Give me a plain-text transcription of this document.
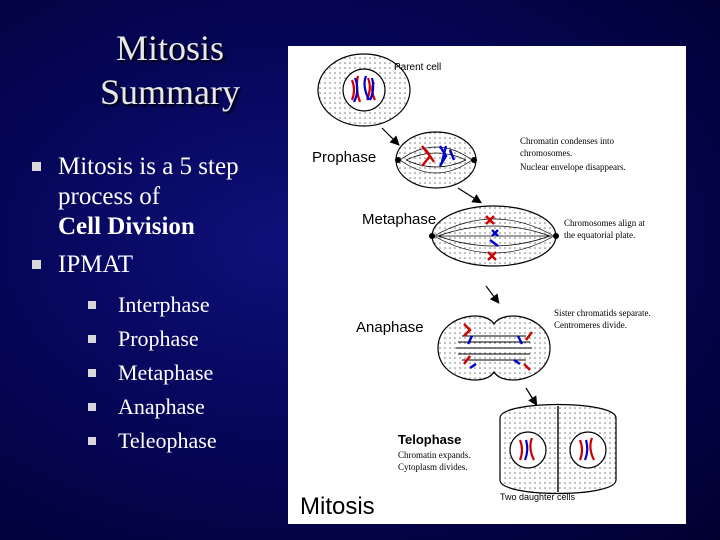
Mitosis
Summary
Mitosis is a 5 step
process of
Cell Division
IPMAT
Interphase
Prophase
Metaphase
Anaphase
Teleophase
Parent cell
Prophase
Chromatin condenses into
chromosomes.
Nuclear envelope disappears.
Metaphase	Chromosomes align at
the equatorial plate.
Anaphase
Sister chromatids separate.
Centromeres divide.
Telophase
Chromatin expands.
Cytoplasm divides.
Two daughter cells
Mitosis
